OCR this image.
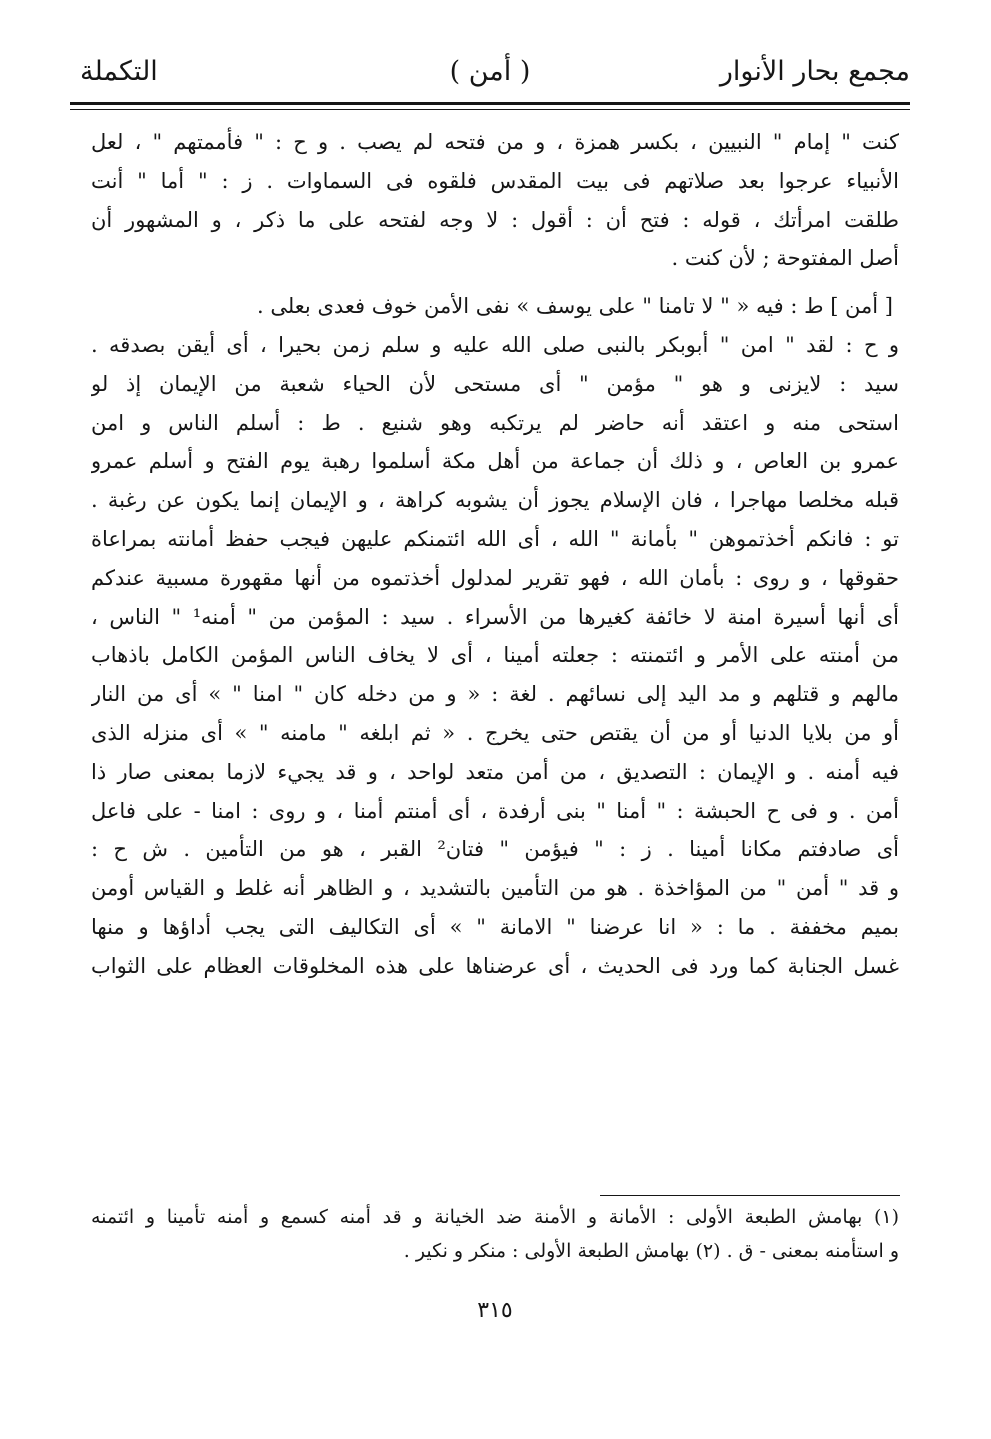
مجمع بحار الأنوار
( أمن )
التكملة
كنت " إمام " النبيين ، بكسر همزة ، و من فتحه لم يصب . و ح : " فأممتهم " ، لعل
الأنبياء عرجوا بعد صلاتهم فى بيت المقدس فلقوه فى السماوات . ز : " أما " أنت
طلقت امرأتك ، قوله : فتح أن : أقول : لا وجه لفتحه على ما ذكر ، و المشهور أن
أصل المفتوحة ; لأن كنت .
[ أمن ] ط : فيه « " لا تامنا " على يوسف » نفى الأمن خوف فعدى بعلى .
و ح : لقد " امن " أبوبكر بالنبى صلى الله عليه و سلم زمن بحيرا ، أى أيقن بصدقه .
سيد : لايزنى و هو " مؤمن " أى مستحى لأن الحياء شعبة من الإيمان إذ لو
استحى منه و اعتقد أنه حاضر لم يرتكبه وهو شنيع . ط : أسلم الناس و امن
عمرو بن العاص ، و ذلك أن جماعة من أهل مكة أسلموا رهبة يوم الفتح و أسلم عمرو
قبله مخلصا مهاجرا ، فان الإسلام يجوز أن يشوبه كراهة ، و الإيمان إنما يكون عن رغبة .
تو : فانكم أخذتموهن " بأمانة " الله ، أى الله ائتمنكم عليهن فيجب حفظ أمانته بمراعاة
حقوقها ، و روى : بأمان الله ، فهو تقرير لمدلول أخذتموه من أنها مقهورة مسبية عندكم
أى أنها أسيرة امنة لا خائفة كغيرها من الأسراء . سيد : المؤمن من " أمنه¹ " الناس ،
من أمنته على الأمر و ائتمنته : جعلته أمينا ، أى لا يخاف الناس المؤمن الكامل باذهاب
مالهم و قتلهم و مد اليد إلى نسائهم . لغة : « و من دخله كان " امنا " » أى من النار
أو من بلايا الدنيا أو من أن يقتص حتى يخرج . « ثم ابلغه " مامنه " » أى منزله الذى
فيه أمنه . و الإيمان : التصديق ، من أمن متعد لواحد ، و قد يجيء لازما بمعنى صار ذا
أمن . و فى ح الحبشة : " أمنا " بنى أرفدة ، أى أمنتم أمنا ، و روى : امنا - على فاعل
أى صادفتم مكانا أمينا . ز : " فيؤمن " فتان² القبر ، هو من التأمين . ش ح :
و قد " أمن " من المؤاخذة . هو من التأمين بالتشديد ، و الظاهر أنه غلط و القياس أومن
بميم مخففة . ما : « انا عرضنا " الامانة " » أى التكاليف التى يجب أداؤها و منها
غسل الجنابة كما ورد فى الحديث ، أى عرضناها على هذه المخلوقات العظام على الثواب
(١) بهامش الطبعة الأولى : الأمانة و الأمنة ضد الخيانة و قد أمنه كسمع و أمنه تأمينا و ائتمنه
و استأمنه بمعنى - ق . (٢) بهامش الطبعة الأولى : منكر و نكير .
٣١٥
